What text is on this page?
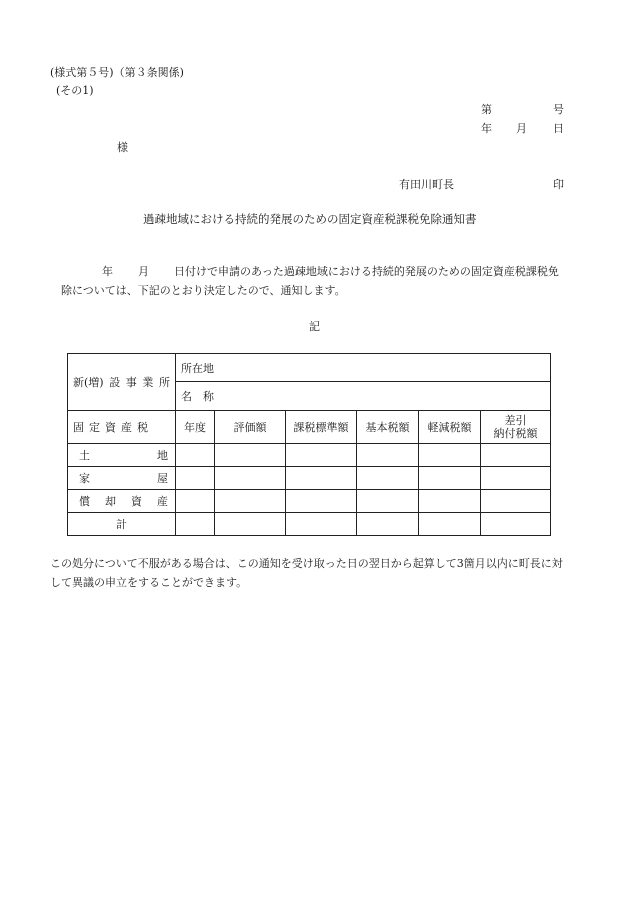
(様式第５号)（第３条関係)
(その1)
第	号
年 月 日
様
有田川町長	印
過疎地域における持続的発展のための固定資産税課税免除通知書
年 月 日付けで申請のあった過疎地域における持続的発展のための固定資産税課税免
除については、下記のとおり決定したので、通知します。
記
新(増) 設 事 業 所	所在地					
	名　称					
固定資産税	年度	評価額	課税標準額	基本税額	軽減税額	差引
納付税額

土 地						

家 屋						

償 却 資 産						

計						
この処分について不服がある場合は、この通知を受け取った日の翌日から起算して3箇月以内に町長に対
して異議の申立をすることができます。
